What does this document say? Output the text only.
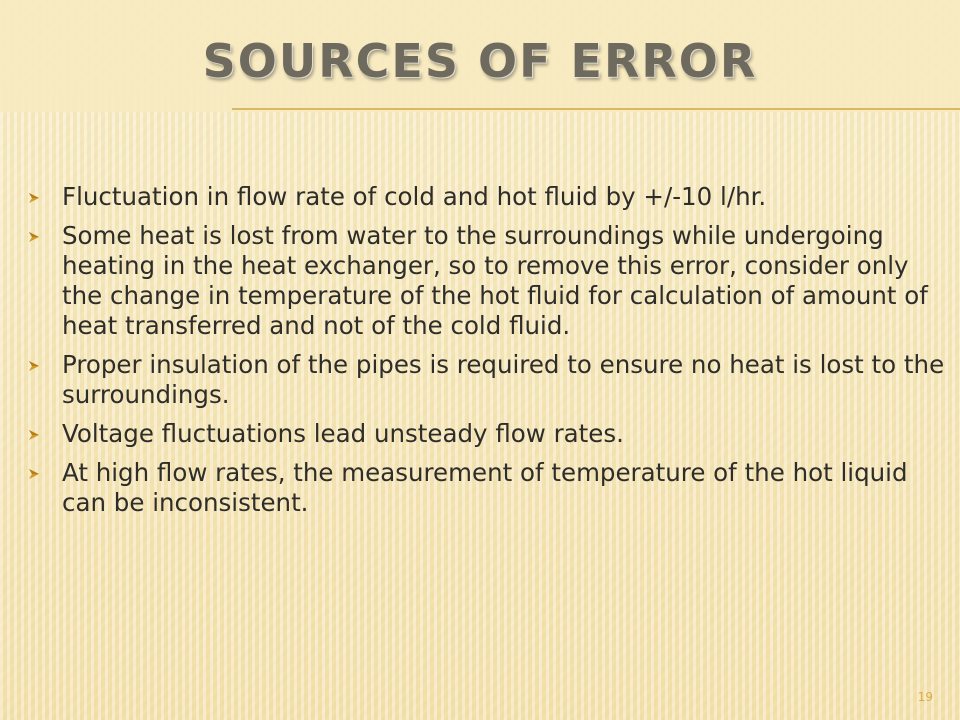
SOURCES OF ERROR
Fluctuation in flow rate of cold and hot fluid by +/-10 l/hr.
Some heat is lost from water to the surroundings while undergoing heating in the heat exchanger, so to remove this error, consider only the change in temperature of the hot fluid for calculation of amount of heat transferred and not of the cold fluid.
Proper insulation of the pipes is required to ensure no heat is lost to the surroundings.
Voltage fluctuations lead unsteady flow rates.
At high flow rates, the measurement of temperature of the hot liquid can be inconsistent.
19
